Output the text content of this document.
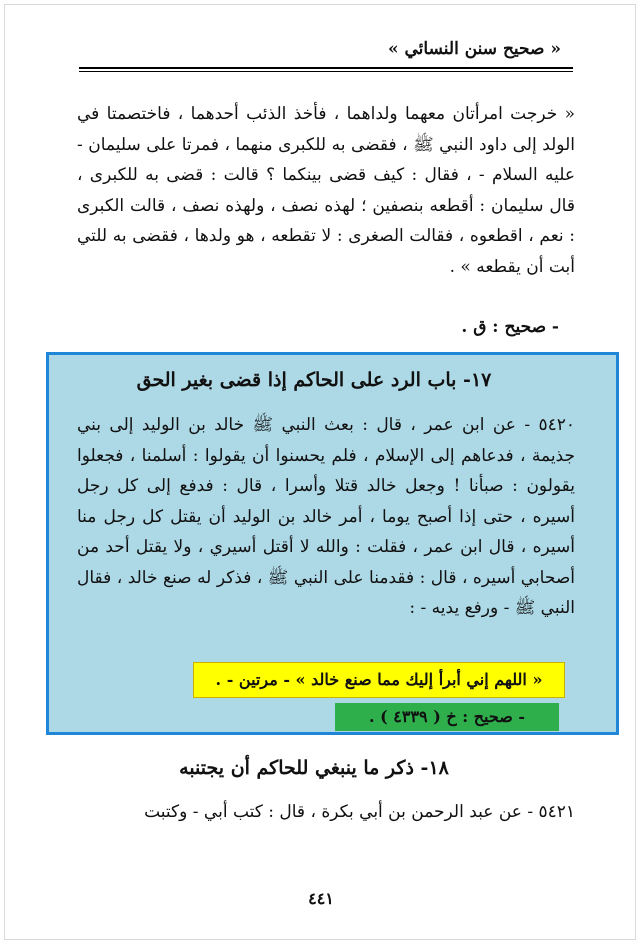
« صحيح سنن النسائي »

« خرجت امرأتان معهما ولداهما ، فأخذ الذئب أحدهما ، فاختصمتا في الولد إلى داود النبي ﷺ ، فقضى به للكبرى منهما ، فمرتا على سليمان - عليه السلام - ، فقال : كيف قضى بينكما ؟ قالت : قضى به للكبرى ، قال سليمان : أقطعه بنصفين ؛ لهذه نصف ، ولهذه نصف ، قالت الكبرى : نعم ، اقطعوه ، فقالت الصغرى : لا تقطعه ، هو ولدها ، فقضى به للتي أبت أن يقطعه » .

- صحيح : ق .
١٧- باب الرد على الحاكم إذا قضى بغير الحق

٥٤٢٠ - عن ابن عمر ، قال : بعث النبي ﷺ خالد بن الوليد إلى بني جذيمة ، فدعاهم إلى الإسلام ، فلم يحسنوا أن يقولوا : أسلمنا ، فجعلوا يقولون : صبأنا ! وجعل خالد قتلا وأسرا ، قال : فدفع إلى كل رجل أسيره ، حتى إذا أصبح يوما ، أمر خالد بن الوليد أن يقتل كل رجل منا أسيره ، قال ابن عمر ، فقلت : والله لا أقتل أسيري ، ولا يقتل أحد من أصحابي أسيره ، قال : فقدمنا على النبي ﷺ ، فذكر له صنع خالد ، فقال النبي ﷺ - ورفع يديه - :

« اللهم إني أبرأ إليك مما صنع خالد » - مرتين - .
- صحيح : خ ( ٤٣٣٩ ) .
١٨- ذكر ما ينبغي للحاكم أن يجتنبه

٥٤٢١ - عن عبد الرحمن بن أبي بكرة ، قال : كتب أبي - وكتبت

٤٤١
